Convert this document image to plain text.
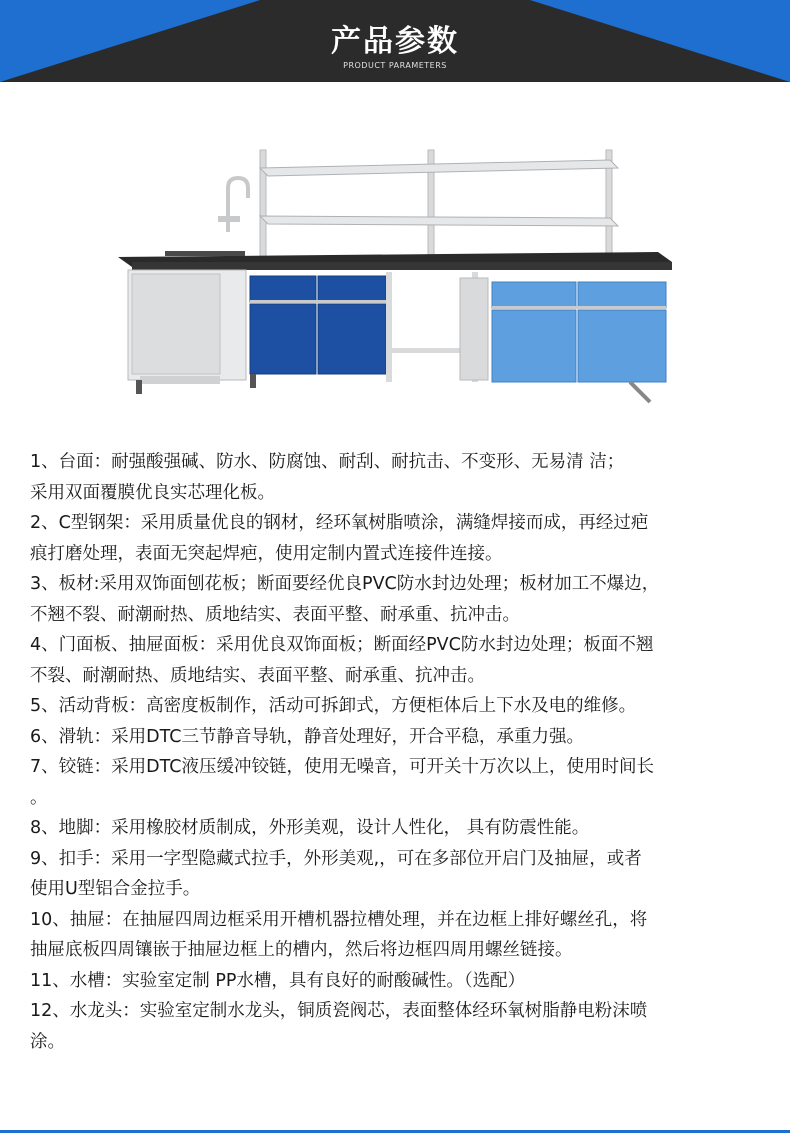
产品参数
PRODUCT PARAMETERS

1、台面：耐强酸强碱、防水、防腐蚀、耐刮、耐抗击、不变形、无易清 洁；

采用双面覆膜优良实芯理化板。

2、C型钢架：采用质量优良的钢材，经环氧树脂喷涂，满缝焊接而成，再经过疤

痕打磨处理，表面无突起焊疤，使用定制内置式连接件连接。

3、板材:采用双饰面刨花板；断面要经优良PVC防水封边处理；板材加工不爆边，

不翘不裂、耐潮耐热、质地结实、表面平整、耐承重、抗冲击。

4、门面板、抽屉面板：采用优良双饰面板；断面经PVC防水封边处理；板面不翘

不裂、耐潮耐热、质地结实、表面平整、耐承重、抗冲击。

5、活动背板：高密度板制作，活动可拆卸式，方便柜体后上下水及电的维修。

6、滑轨：采用DTC三节静音导轨，静音处理好，开合平稳，承重力强。

7、铰链：采用DTC液压缓冲铰链，使用无噪音，可开关十万次以上，使用时间长

。

8、地脚：采用橡胶材质制成，外形美观，设计人性化， 具有防震性能。

9、扣手：采用一字型隐藏式拉手，外形美观,，可在多部位开启门及抽屉，或者

使用U型铝合金拉手。

10、抽屉：在抽屉四周边框采用开槽机器拉槽处理，并在边框上排好螺丝孔，将

抽屉底板四周镶嵌于抽屉边框上的槽内，然后将边框四周用螺丝链接。

11、水槽：实验室定制 PP水槽，具有良好的耐酸碱性。（选配）

12、水龙头：实验室定制水龙头，铜质瓷阀芯，表面整体经环氧树脂静电粉沫喷

涂。
